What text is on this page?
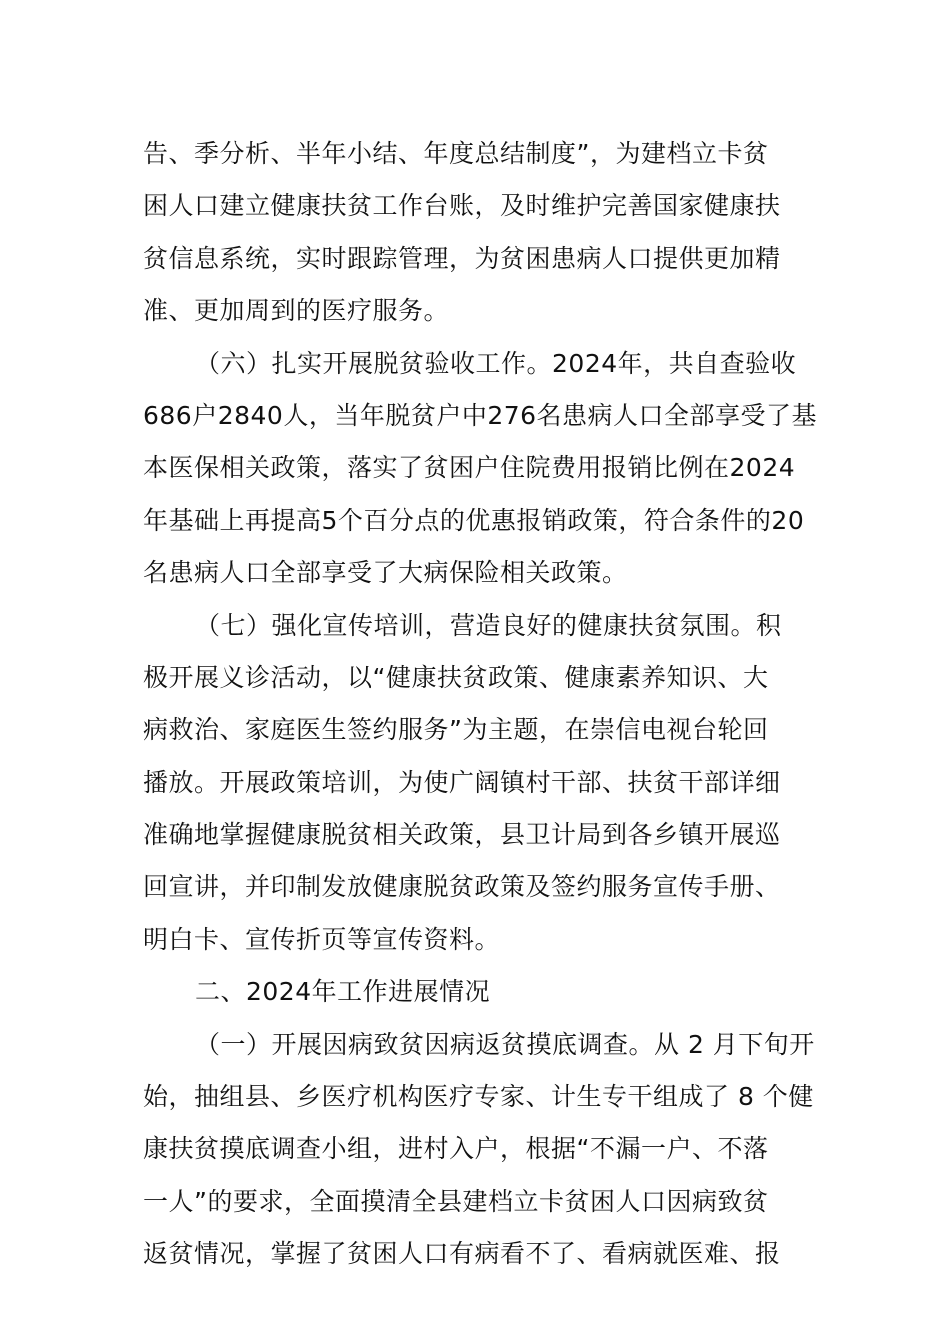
告、季分析、半年小结、年度总结制度”，为建档立卡贫
困人口建立健康扶贫工作台账，及时维护完善国家健康扶
贫信息系统，实时跟踪管理，为贫困患病人口提供更加精
准、更加周到的医疗服务。
（六）扎实开展脱贫验收工作。2024年，共自查验收
686户2840人，当年脱贫户中276名患病人口全部享受了基
本医保相关政策，落实了贫困户住院费用报销比例在2024
年基础上再提高5个百分点的优惠报销政策，符合条件的20
名患病人口全部享受了大病保险相关政策。
（七）强化宣传培训，营造良好的健康扶贫氛围。积
极开展义诊活动，以“健康扶贫政策、健康素养知识、大
病救治、家庭医生签约服务”为主题，在崇信电视台轮回
播放。开展政策培训，为使广阔镇村干部、扶贫干部详细
准确地掌握健康脱贫相关政策，县卫计局到各乡镇开展巡
回宣讲，并印制发放健康脱贫政策及签约服务宣传手册、
明白卡、宣传折页等宣传资料。
二、2024年工作进展情况
（一）开展因病致贫因病返贫摸底调查。从 2 月下旬开
始，抽组县、乡医疗机构医疗专家、计生专干组成了 8 个健
康扶贫摸底调查小组，进村入户，根据“不漏一户、不落
一人”的要求，全面摸清全县建档立卡贫困人口因病致贫
返贫情况，掌握了贫困人口有病看不了、看病就医难、报
